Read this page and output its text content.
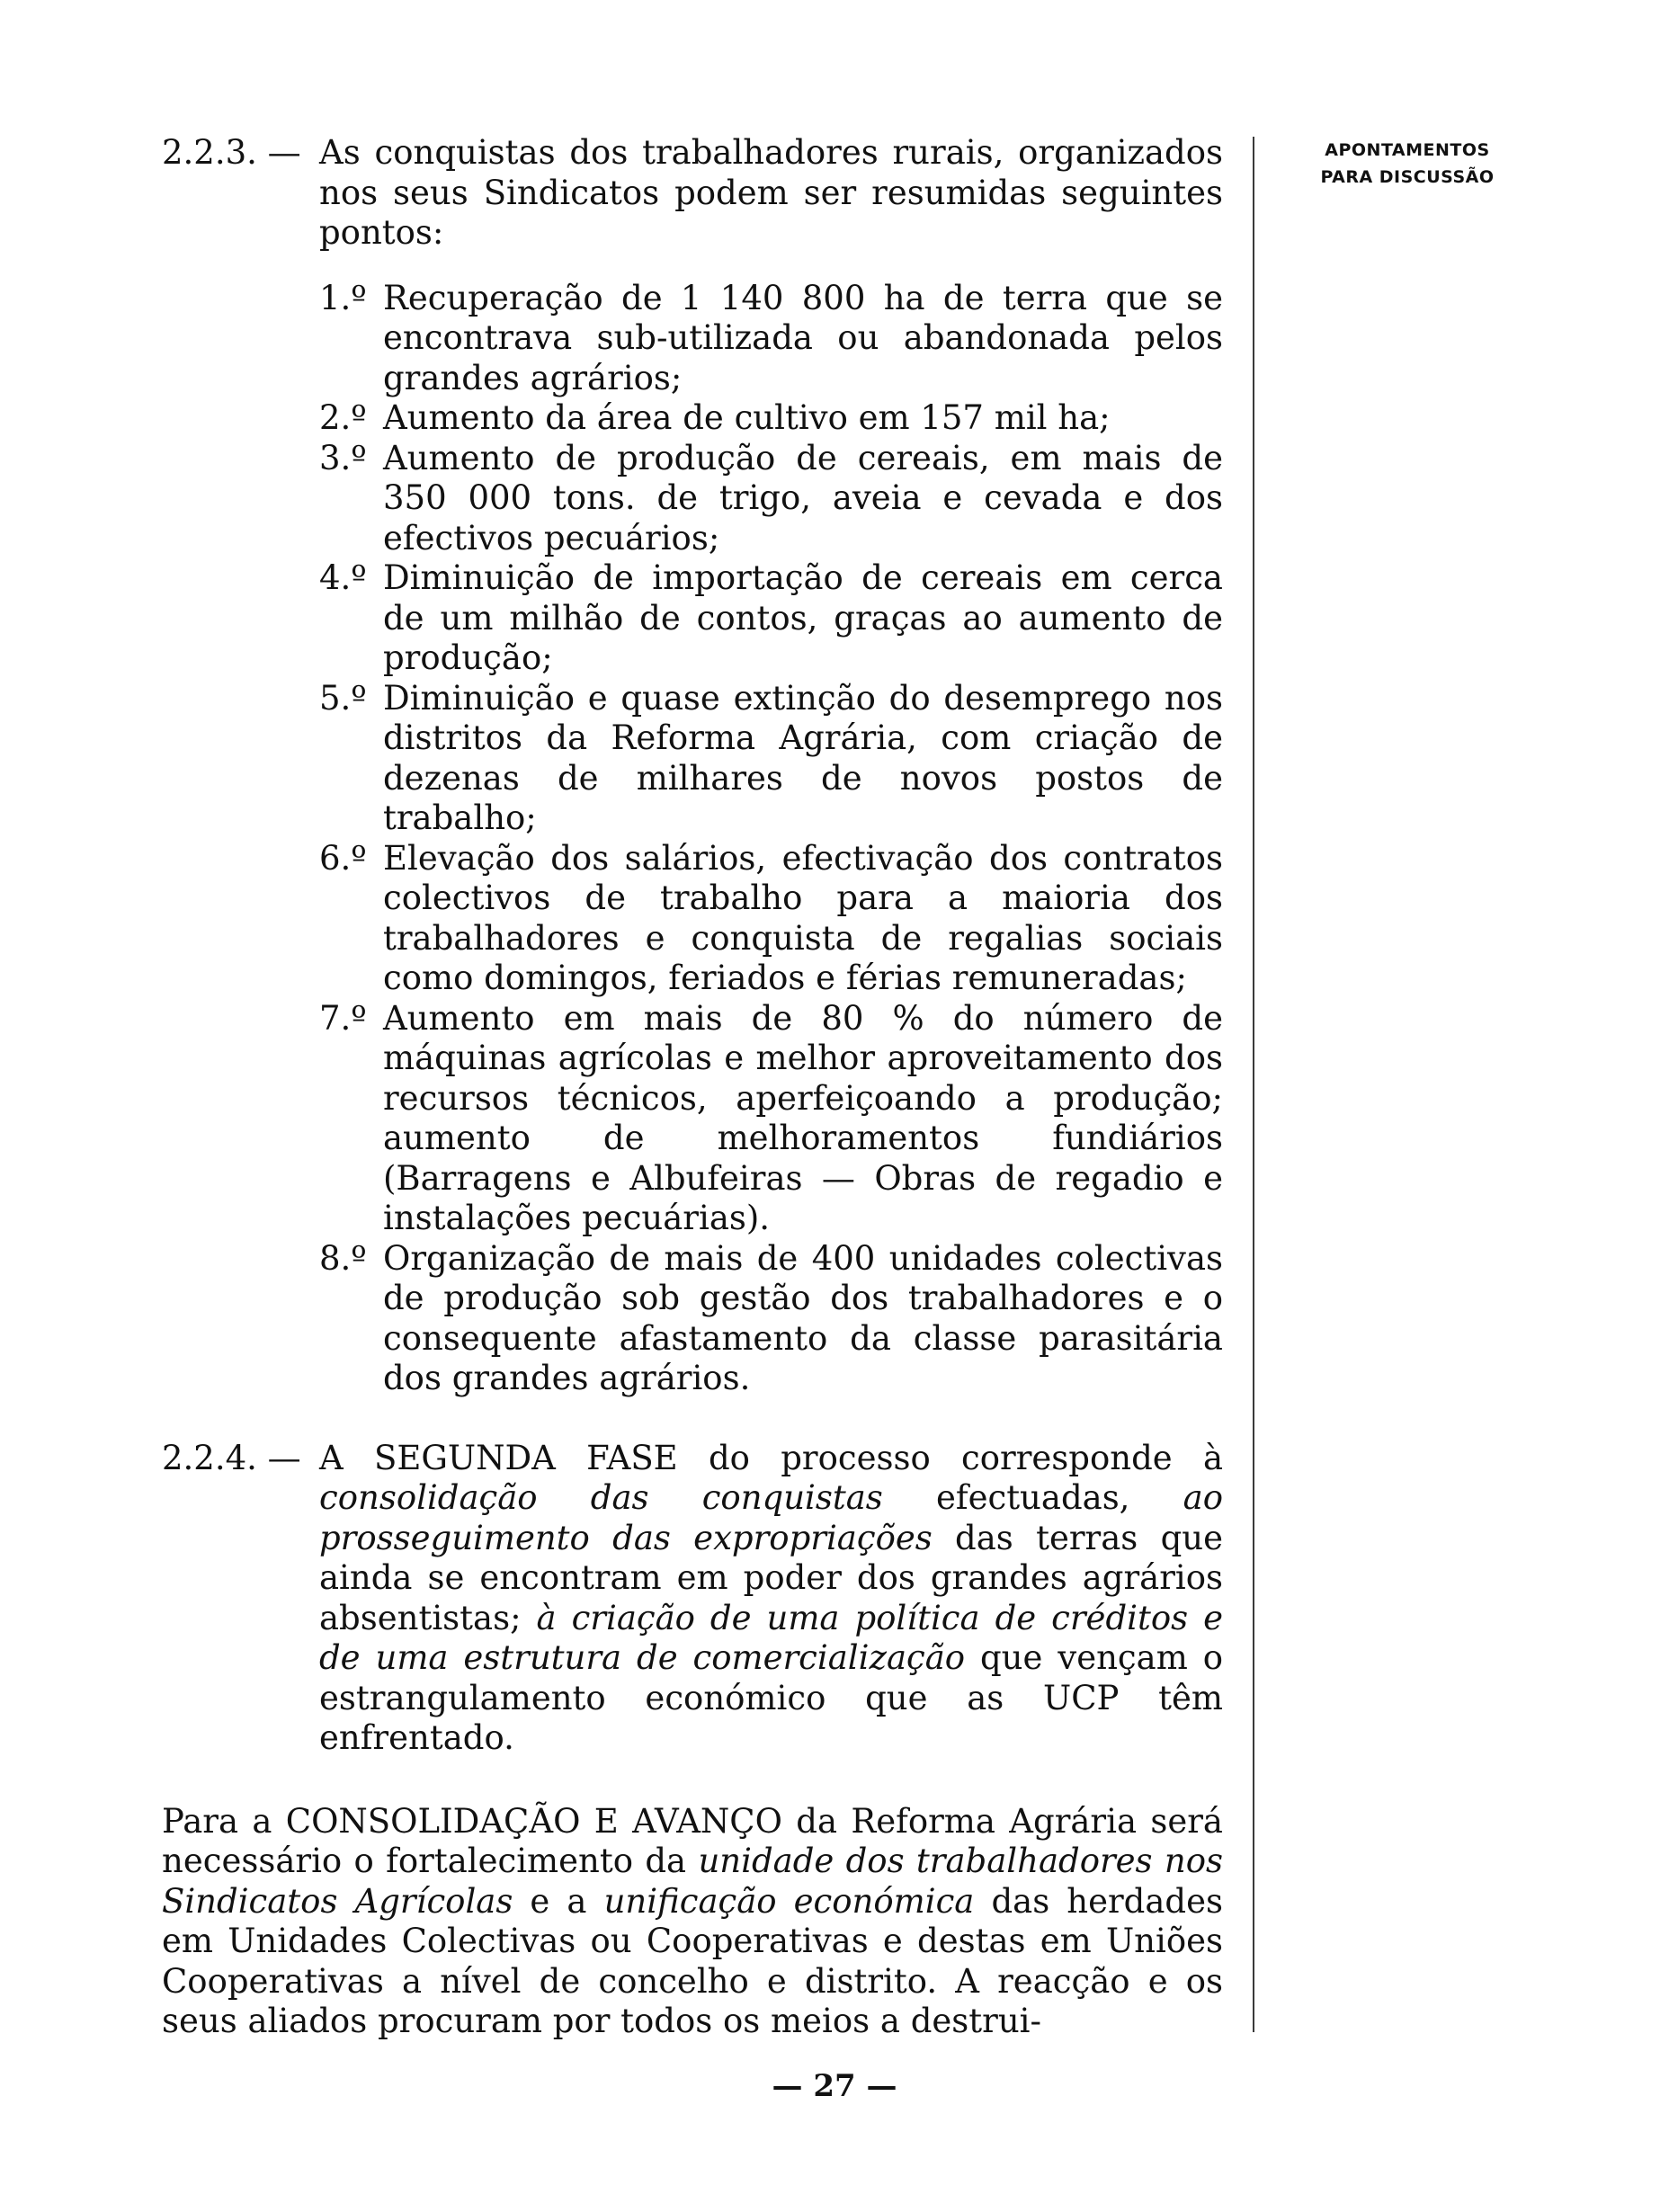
2.2.3. — As conquistas dos trabalhadores rurais, organizados nos seus Sindicatos podem ser resumidas seguintes pontos:
1.º Recuperação de 1 140 800 ha de terra que se encontrava sub-utilizada ou abandonada pelos grandes agrários;
2.º Aumento da área de cultivo em 157 mil ha;
3.º Aumento de produção de cereais, em mais de 350 000 tons. de trigo, aveia e cevada e dos efectivos pecuários;
4.º Diminuição de importação de cereais em cerca de um milhão de contos, graças ao aumento de produção;
5.º Diminuição e quase extinção do desemprego nos distritos da Reforma Agrária, com criação de dezenas de milhares de novos postos de trabalho;
6.º Elevação dos salários, efectivação dos contratos colectivos de trabalho para a maioria dos trabalhadores e conquista de regalias sociais como domingos, feriados e férias remuneradas;
7.º Aumento em mais de 80 % do número de máquinas agrícolas e melhor aproveitamento dos recursos técnicos, aperfeiçoando a produção; aumento de melhoramentos fundiários (Barragens e Albufeiras — Obras de regadio e instalações pecuárias).
8.º Organização de mais de 400 unidades colectivas de produção sob gestão dos trabalhadores e o consequente afastamento da classe parasitária dos grandes agrários.
2.2.4. — A SEGUNDA FASE do processo corresponde à consolidação das conquistas efectuadas, ao prosseguimento das expropriações das terras que ainda se encontram em poder dos grandes agrários absentistas; à criação de uma política de créditos e de uma estrutura de comercialização que vençam o estrangulamento económico que as UCP têm enfrentado.
Para a CONSOLIDAÇÃO E AVANÇO da Reforma Agrária será necessário o fortalecimento da unidade dos trabalhadores nos Sindicatos Agrícolas e a unificação económica das herdades em Unidades Colectivas ou Cooperativas e destas em Uniões Cooperativas a nível de concelho e distrito. A reacção e os seus aliados procuram por todos os meios a destrui-
APONTAMENTOS
PARA DISCUSSÃO
— 27 —
